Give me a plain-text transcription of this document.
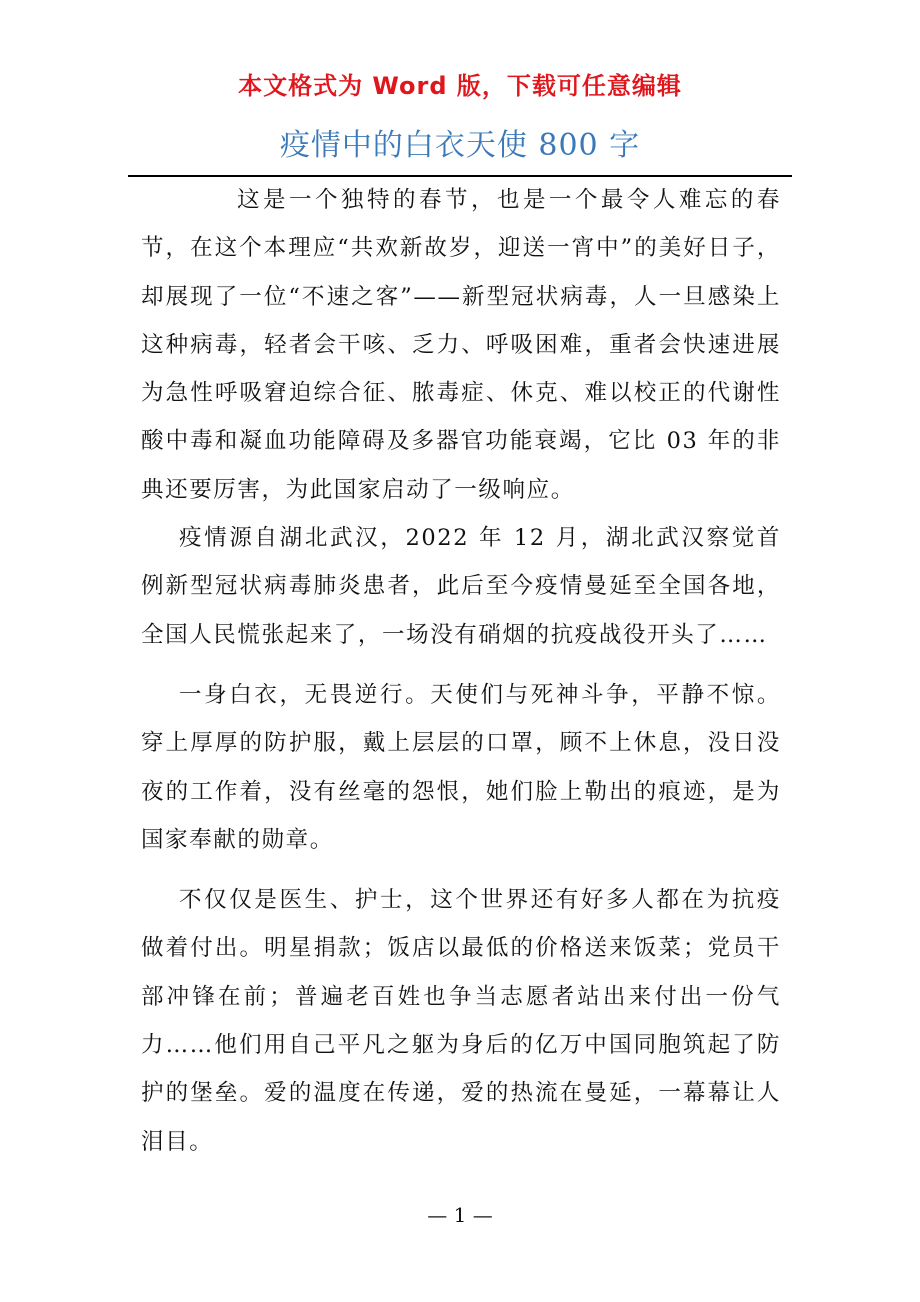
本文格式为 Word 版，下载可任意编辑
疫情中的白衣天使 800 字

这是一个独特的春节，也是一个最令人难忘的春节，在这个本理应“共欢新故岁，迎送一宵中”的美好日子，却展现了一位“不速之客”——新型冠状病毒，人一旦感染上这种病毒，轻者会干咳、乏力、呼吸困难，重者会快速进展为急性呼吸窘迫综合征、脓毒症、休克、难以校正的代谢性酸中毒和凝血功能障碍及多器官功能衰竭，它比 03 年的非典还要厉害，为此国家启动了一级响应。

疫情源自湖北武汉，2022 年 12 月，湖北武汉察觉首例新型冠状病毒肺炎患者，此后至今疫情曼延至全国各地，全国人民慌张起来了，一场没有硝烟的抗疫战役开头了……

一身白衣，无畏逆行。天使们与死神斗争，平静不惊。穿上厚厚的防护服，戴上层层的口罩，顾不上休息，没日没夜的工作着，没有丝毫的怨恨，她们脸上勒出的痕迹，是为国家奉献的勋章。

不仅仅是医生、护士，这个世界还有好多人都在为抗疫做着付出。明星捐款；饭店以最低的价格送来饭菜；党员干部冲锋在前；普遍老百姓也争当志愿者站出来付出一份气力……他们用自己平凡之躯为身后的亿万中国同胞筑起了防护的堡垒。爱的温度在传递，爱的热流在曼延，一幕幕让人泪目。

— 1 —
